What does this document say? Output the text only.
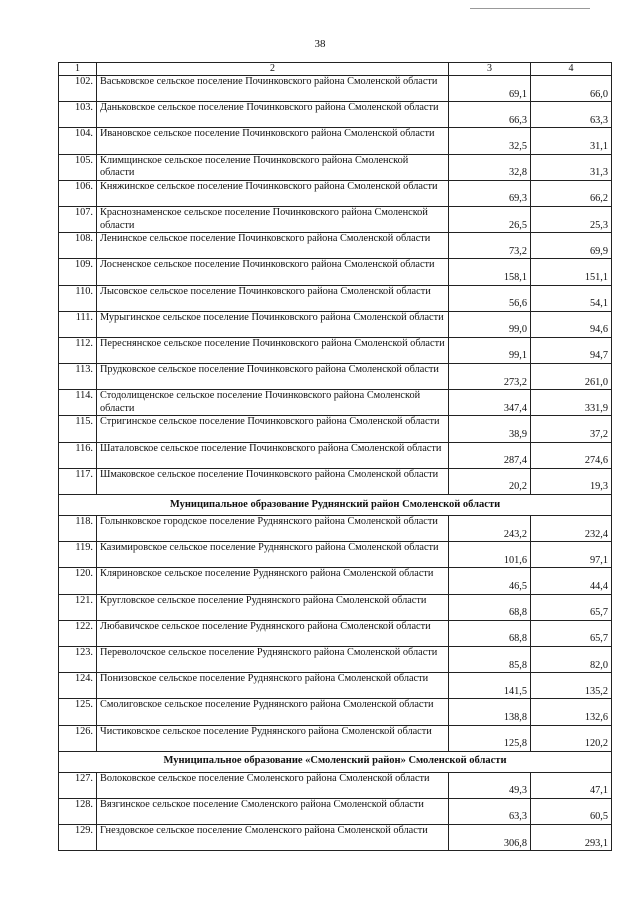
38
1	2	3	4
102.	Васьковское сельское поселение Починковского района Смоленской области	69,1	66,0
103.	Даньковское сельское поселение Починковского района Смоленской области	66,3	63,3
104.	Ивановское сельское поселение Починковского района Смоленской области	32,5	31,1
105.	Климщинское сельское поселение Починковского района Смоленской области	32,8	31,3
106.	Княжинское сельское поселение Починковского района Смоленской области	69,3	66,2
107.	Краснознаменское сельское поселение Починковского района Смоленской области	26,5	25,3
108.	Ленинское сельское поселение Починковского района Смоленской области	73,2	69,9
109.	Лосненское сельское поселение Починковского района Смоленской области	158,1	151,1
110.	Лысовское сельское поселение Починковского района Смоленской области	56,6	54,1
111.	Мурыгинское сельское поселение Починковского района Смоленской области	99,0	94,6
112.	Переснянское сельское поселение Починковского района Смоленской области	99,1	94,7
113.	Прудковское сельское поселение Починковского района Смоленской области	273,2	261,0
114.	Стодолищенское сельское поселение Починковского района Смоленской области	347,4	331,9
115.	Стригинское сельское поселение Починковского района Смоленской области	38,9	37,2
116.	Шаталовское сельское поселение Починковского района Смоленской области	287,4	274,6
117.	Шмаковское сельское поселение Починковского района Смоленской области	20,2	19,3
Муниципальное образование Руднянский район Смоленской области			
118.	Голынковское городское поселение Руднянского района Смоленской области	243,2	232,4
119.	Казимировское сельское поселение Руднянского района Смоленской области	101,6	97,1
120.	Кляриновское сельское поселение Руднянского района Смоленской области	46,5	44,4
121.	Кругловское сельское поселение Руднянского района Смоленской области	68,8	65,7
122.	Любавичское сельское поселение Руднянского района Смоленской области	68,8	65,7
123.	Переволочское сельское поселение Руднянского района Смоленской области	85,8	82,0
124.	Понизовское сельское поселение Руднянского района Смоленской области	141,5	135,2
125.	Смолиговское сельское поселение Руднянского района Смоленской области	138,8	132,6
126.	Чистиковское сельское поселение Руднянского района Смоленской области	125,8	120,2
Муниципальное образование «Смоленский район» Смоленской области			
127.	Волоковское сельское поселение Смоленского района Смоленской области	49,3	47,1
128.	Вязгинское сельское поселение Смоленского района Смоленской области	63,3	60,5
129.	Гнездовское сельское поселение Смоленского района Смоленской области	306,8	293,1
